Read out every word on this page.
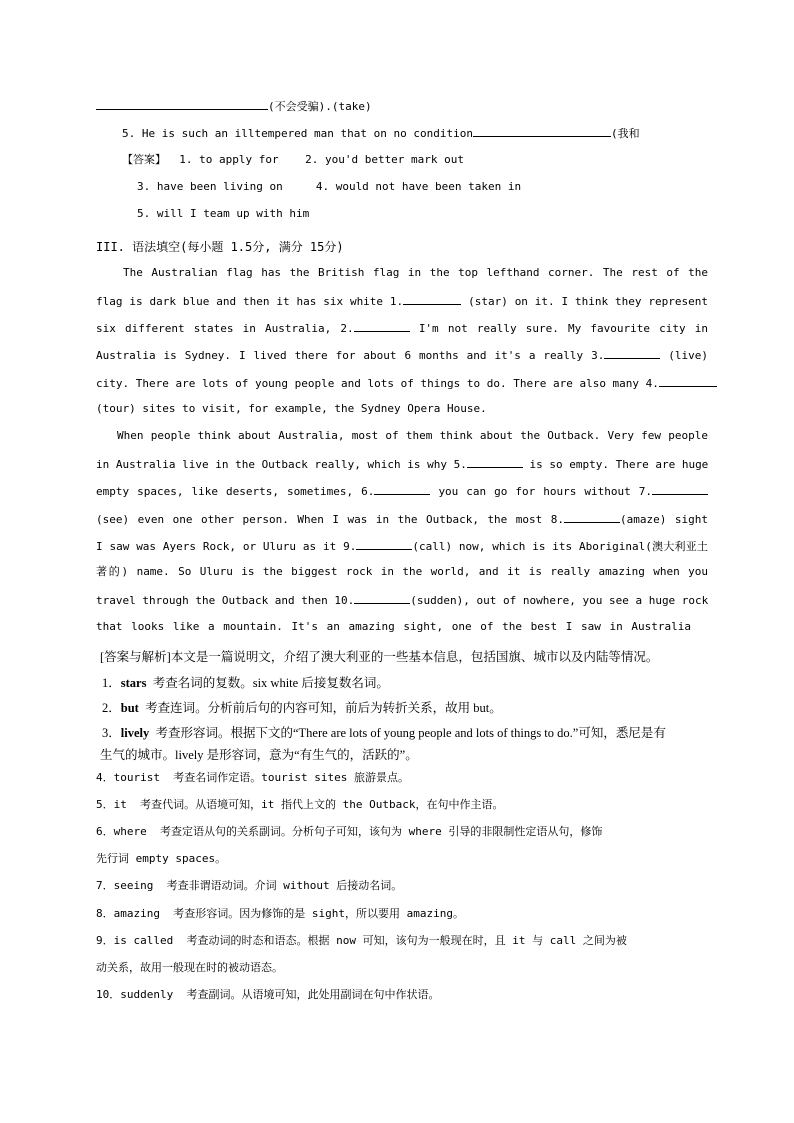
(不会受骗).(take)
5. He is such an illtempered man that on no condition	(我和
【答案】 1. to apply for 2. you'd better mark out
3. have been living on	4. would not have been taken in
5. will I team up with him
III. 语法填空(每小题 1.5分, 满分 15分)
The Australian flag has the British flag in the top lefthand corner. The rest of the
flag is dark blue and then it has six white 1.	(star) on it. I think they represent
six different states in Australia, 2.	I'm not really sure. My favourite city in
Australia is Sydney. I lived there for about 6 months and it's a really 3.	(live)
city. There are lots of young people and lots of things to do. There are also many 4.
(tour) sites to visit, for example, the Sydney Opera House.
When people think about Australia, most of them think about the Outback. Very few people
in Australia live in the Outback really, which is why 5.	is so empty. There are huge
empty spaces, like deserts, sometimes, 6.	you can go for hours without 7.
(see) even one other person. When I was in the Outback, the most 8.	(amaze) sight
I saw was Ayers Rock, or Uluru as it 9.	(call) now, which is its Aboriginal(澳大利亚土
著的) name. So Uluru is the biggest rock in the world, and it is really amazing when you
travel through the Outback and then 10.	(sudden), out of nowhere, you see a huge rock
that looks like a mountain. It's an amazing sight, one of the best I saw in Australia
[答案与解析]本文是一篇说明文，介绍了澳大利亚的一些基本信息，包括国旗、城市以及内陆等情况。
1．stars 考查名词的复数。six white 后接复数名词。
2．but 考查连词。分析前后句的内容可知，前后为转折关系，故用 but。
3．lively 考查形容词。根据下文的“There are lots of young people and lots of things to do.”可知，悉尼是有
生气的城市。lively 是形容词，意为“有生气的，活跃的”。
4．tourist 考查名词作定语。tourist sites 旅游景点。
5．it 考查代词。从语境可知，it 指代上文的 the Outback，在句中作主语。
6．where 考查定语从句的关系副词。分析句子可知，该句为 where 引导的非限制性定语从句，修饰
先行词 empty spaces。
7．seeing 考查非谓语动词。介词 without 后接动名词。
8．amazing 考查形容词。因为修饰的是 sight，所以要用 amazing。
9．is called 考查动词的时态和语态。根据 now 可知，该句为一般现在时，且 it 与 call 之间为被
动关系，故用一般现在时的被动语态。
10．suddenly 考查副词。从语境可知，此处用副词在句中作状语。
